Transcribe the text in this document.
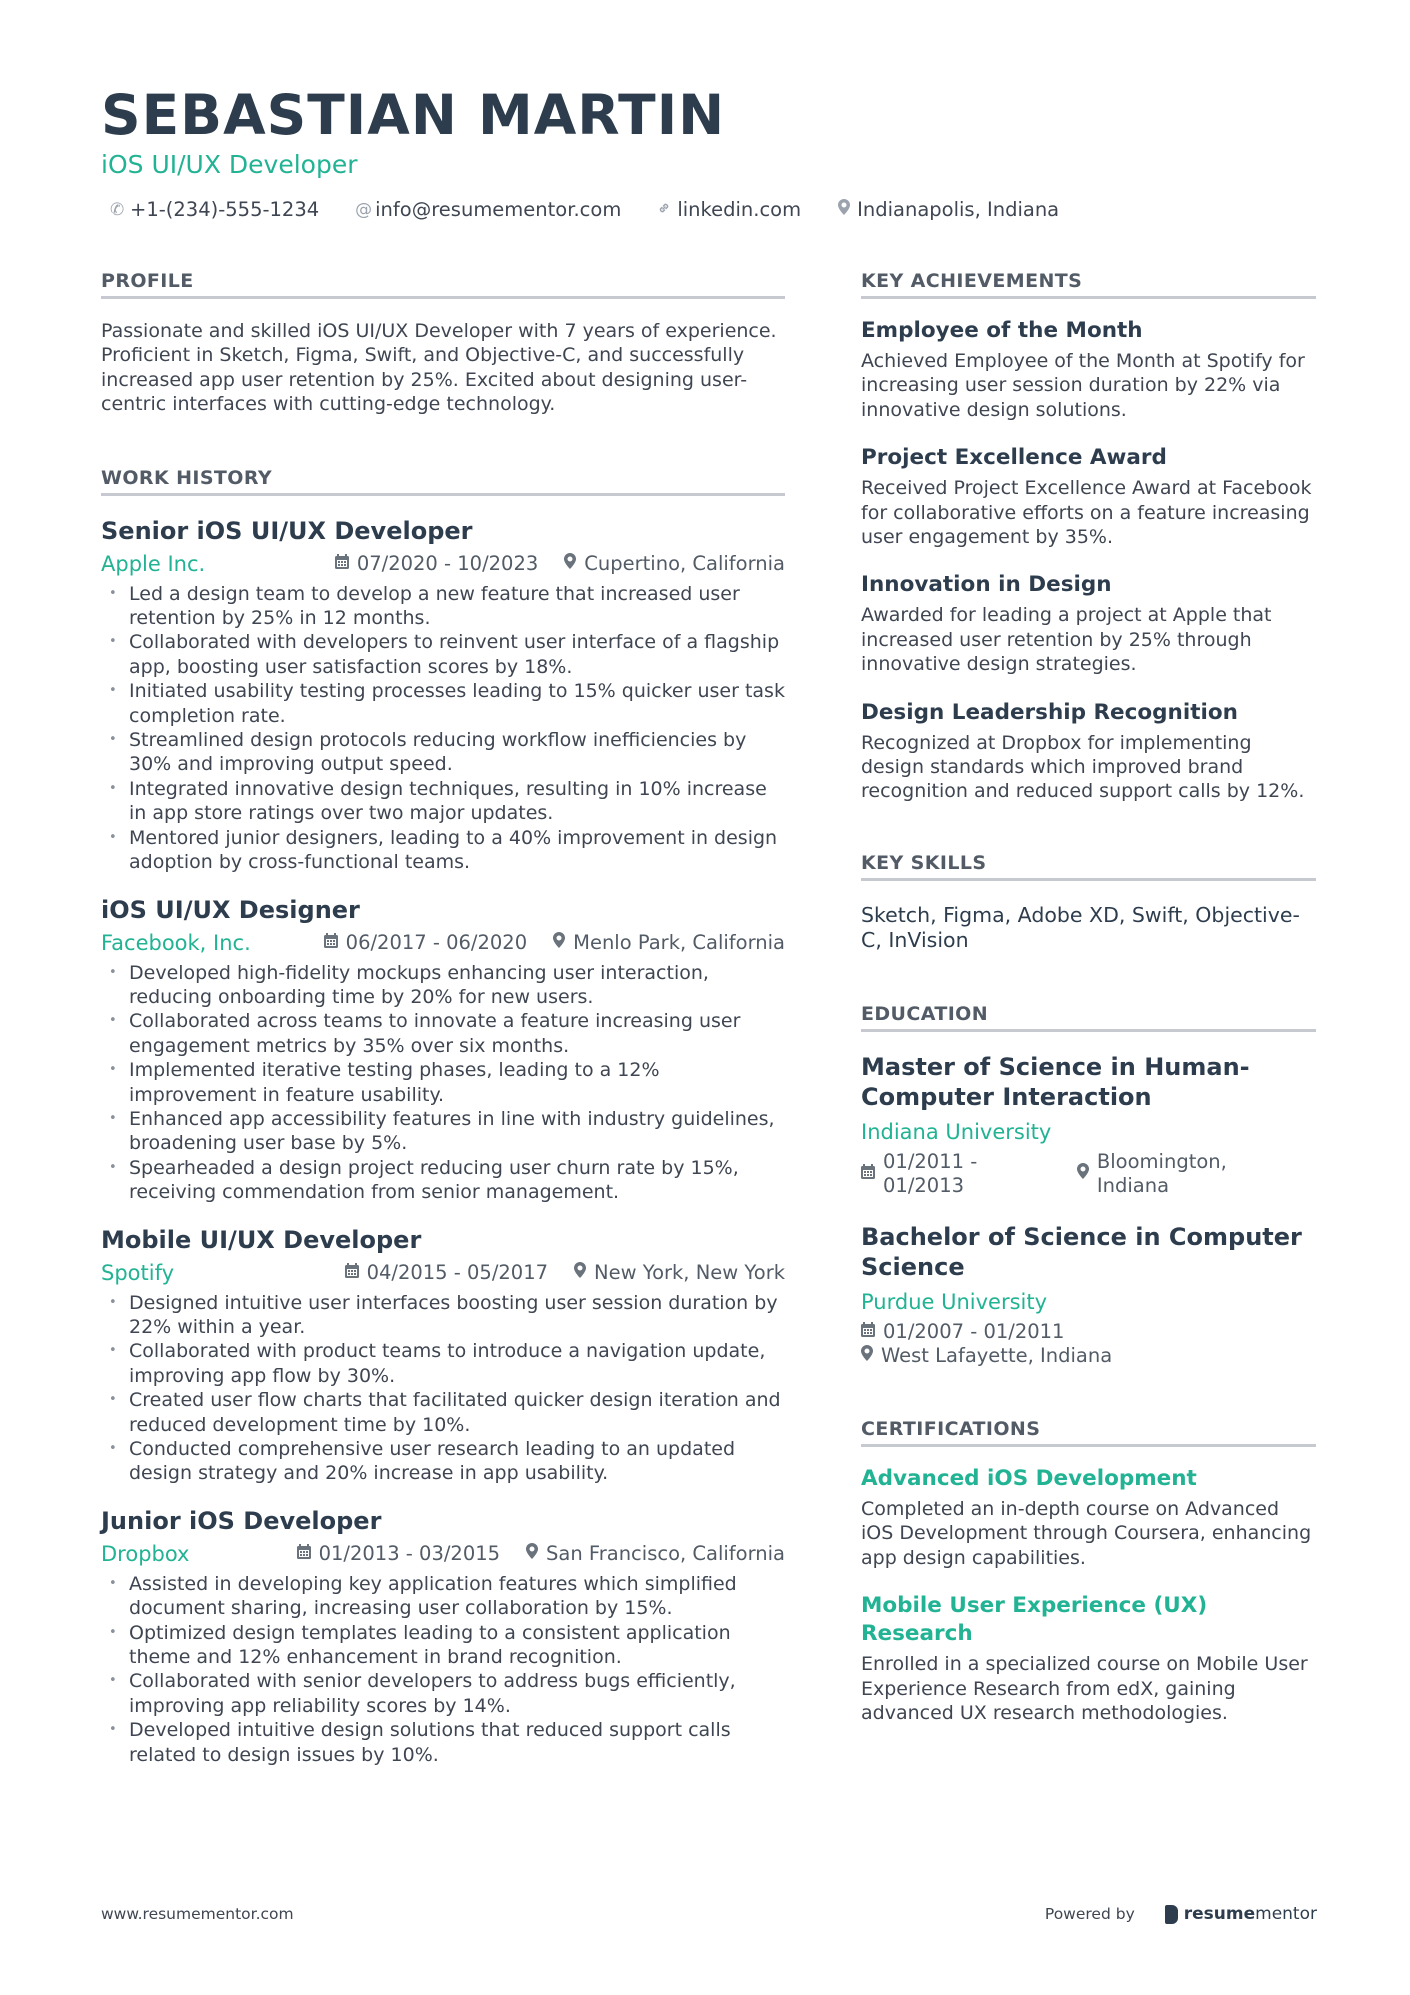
SEBASTIAN MARTIN
iOS UI/UX Developer
✆ +1-(234)-555-1234 @ info@resumementor.com	linkedin.com	Indianapolis, Indiana
PROFILE

Passionate and skilled iOS UI/UX Developer with 7 years of experience. Proficient in Sketch, Figma, Swift, and Objective-C, and successfully increased app user retention by 25%. Excited about designing user-centric interfaces with cutting-edge technology.

WORK HISTORY
Senior iOS UI/UX Developer
Apple Inc.	07/2020 - 10/2023 Cupertino, California
• Led a design team to develop a new feature that increased user retention by 25% in 12 months.
• Collaborated with developers to reinvent user interface of a flagship app, boosting user satisfaction scores by 18%.
• Initiated usability testing processes leading to 15% quicker user task completion rate.
• Streamlined design protocols reducing workflow inefficiencies by 30% and improving output speed.
• Integrated innovative design techniques, resulting in 10% increase in app store ratings over two major updates.
• Mentored junior designers, leading to a 40% improvement in design adoption by cross-functional teams.
iOS UI/UX Designer
Facebook, Inc.	06/2017 - 06/2020 Menlo Park, California
• Developed high-fidelity mockups enhancing user interaction, reducing onboarding time by 20% for new users.
• Collaborated across teams to innovate a feature increasing user engagement metrics by 35% over six months.
• Implemented iterative testing phases, leading to a 12% improvement in feature usability.
• Enhanced app accessibility features in line with industry guidelines, broadening user base by 5%.
• Spearheaded a design project reducing user churn rate by 15%, receiving commendation from senior management.
Mobile UI/UX Developer
Spotify	04/2015 - 05/2017 New York, New York
• Designed intuitive user interfaces boosting user session duration by 22% within a year.
• Collaborated with product teams to introduce a navigation update, improving app flow by 30%.
• Created user flow charts that facilitated quicker design iteration and reduced development time by 10%.
• Conducted comprehensive user research leading to an updated design strategy and 20% increase in app usability.
Junior iOS Developer
Dropbox	01/2013 - 03/2015 San Francisco, California
• Assisted in developing key application features which simplified document sharing, increasing user collaboration by 15%.
• Optimized design templates leading to a consistent application theme and 12% enhancement in brand recognition.
• Collaborated with senior developers to address bugs efficiently, improving app reliability scores by 14%.
• Developed intuitive design solutions that reduced support calls related to design issues by 10%.
KEY ACHIEVEMENTS
Employee of the Month

Achieved Employee of the Month at Spotify for increasing user session duration by 22% via innovative design solutions.

Project Excellence Award

Received Project Excellence Award at Facebook for collaborative efforts on a feature increasing user engagement by 35%.

Innovation in Design

Awarded for leading a project at Apple that increased user retention by 25% through innovative design strategies.

Design Leadership Recognition

Recognized at Dropbox for implementing design standards which improved brand recognition and reduced support calls by 12%.

KEY SKILLS

Sketch, Figma, Adobe XD, Swift, Objective-C, InVision

EDUCATION
Master of Science in Human-Computer Interaction
Indiana University
01/2011 - 01/2013
Bloomington, Indiana
Bachelor of Science in Computer Science
Purdue University
01/2007 - 01/2011
West Lafayette, Indiana
CERTIFICATIONS
Advanced iOS Development

Completed an in-depth course on Advanced iOS Development through Coursera, enhancing app design capabilities.

Mobile User Experience (UX) Research

Enrolled in a specialized course on Mobile User Experience Research from edX, gaining advanced UX research methodologies.

www.resumementor.com	Powered by	resumementor
